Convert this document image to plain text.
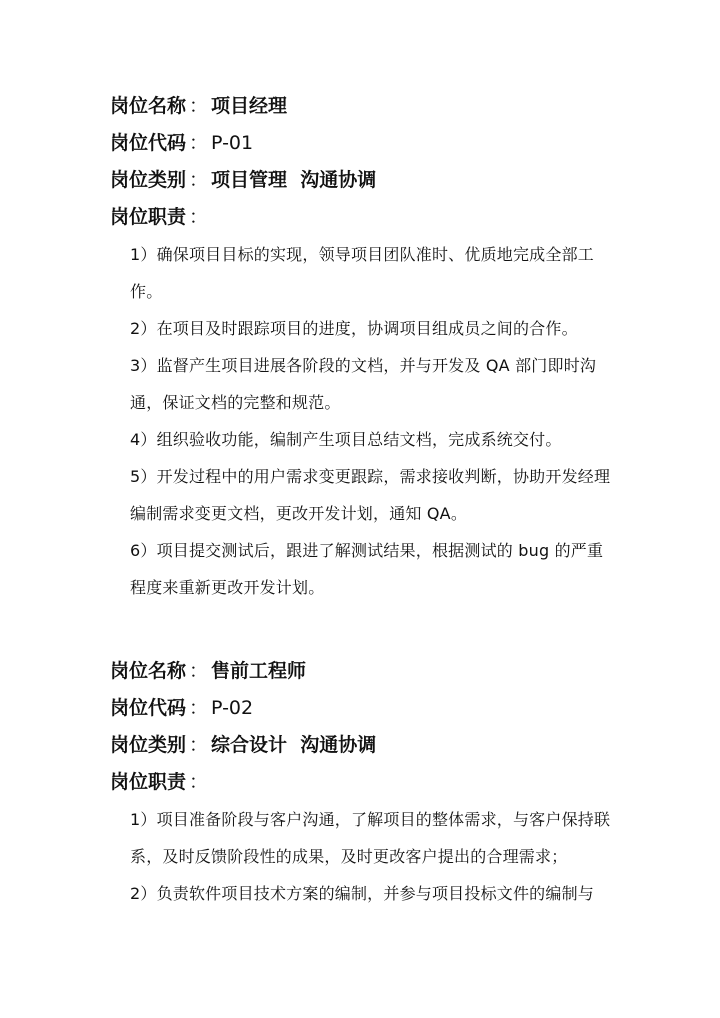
岗位名称 ： 项目经理
岗位代码 ： P-01
岗位类别 ： 项目管理  沟通协调
岗位职责 ：
1）确保项目目标的实现，领导项目团队准时、优质地完成全部工作。
2）在项目及时跟踪项目的进度，协调项目组成员之间的合作。
3）监督产生项目进展各阶段的文档，并与开发及 QA 部门即时沟通，保证文档的完整和规范。
4）组织验收功能，编制产生项目总结文档，完成系统交付。
5）开发过程中的用户需求变更跟踪，需求接收判断，协助开发经理编制需求变更文档，更改开发计划，通知 QA。
6）项目提交测试后，跟进了解测试结果，根据测试的 bug 的严重程度来重新更改开发计划。
岗位名称 ： 售前工程师
岗位代码 ： P-02
岗位类别 ： 综合设计  沟通协调
岗位职责 ：
1）项目准备阶段与客户沟通，了解项目的整体需求，与客户保持联系，及时反馈阶段性的成果，及时更改客户提出的合理需求；
2）负责软件项目技术方案的编制，并参与项目投标文件的编制与
